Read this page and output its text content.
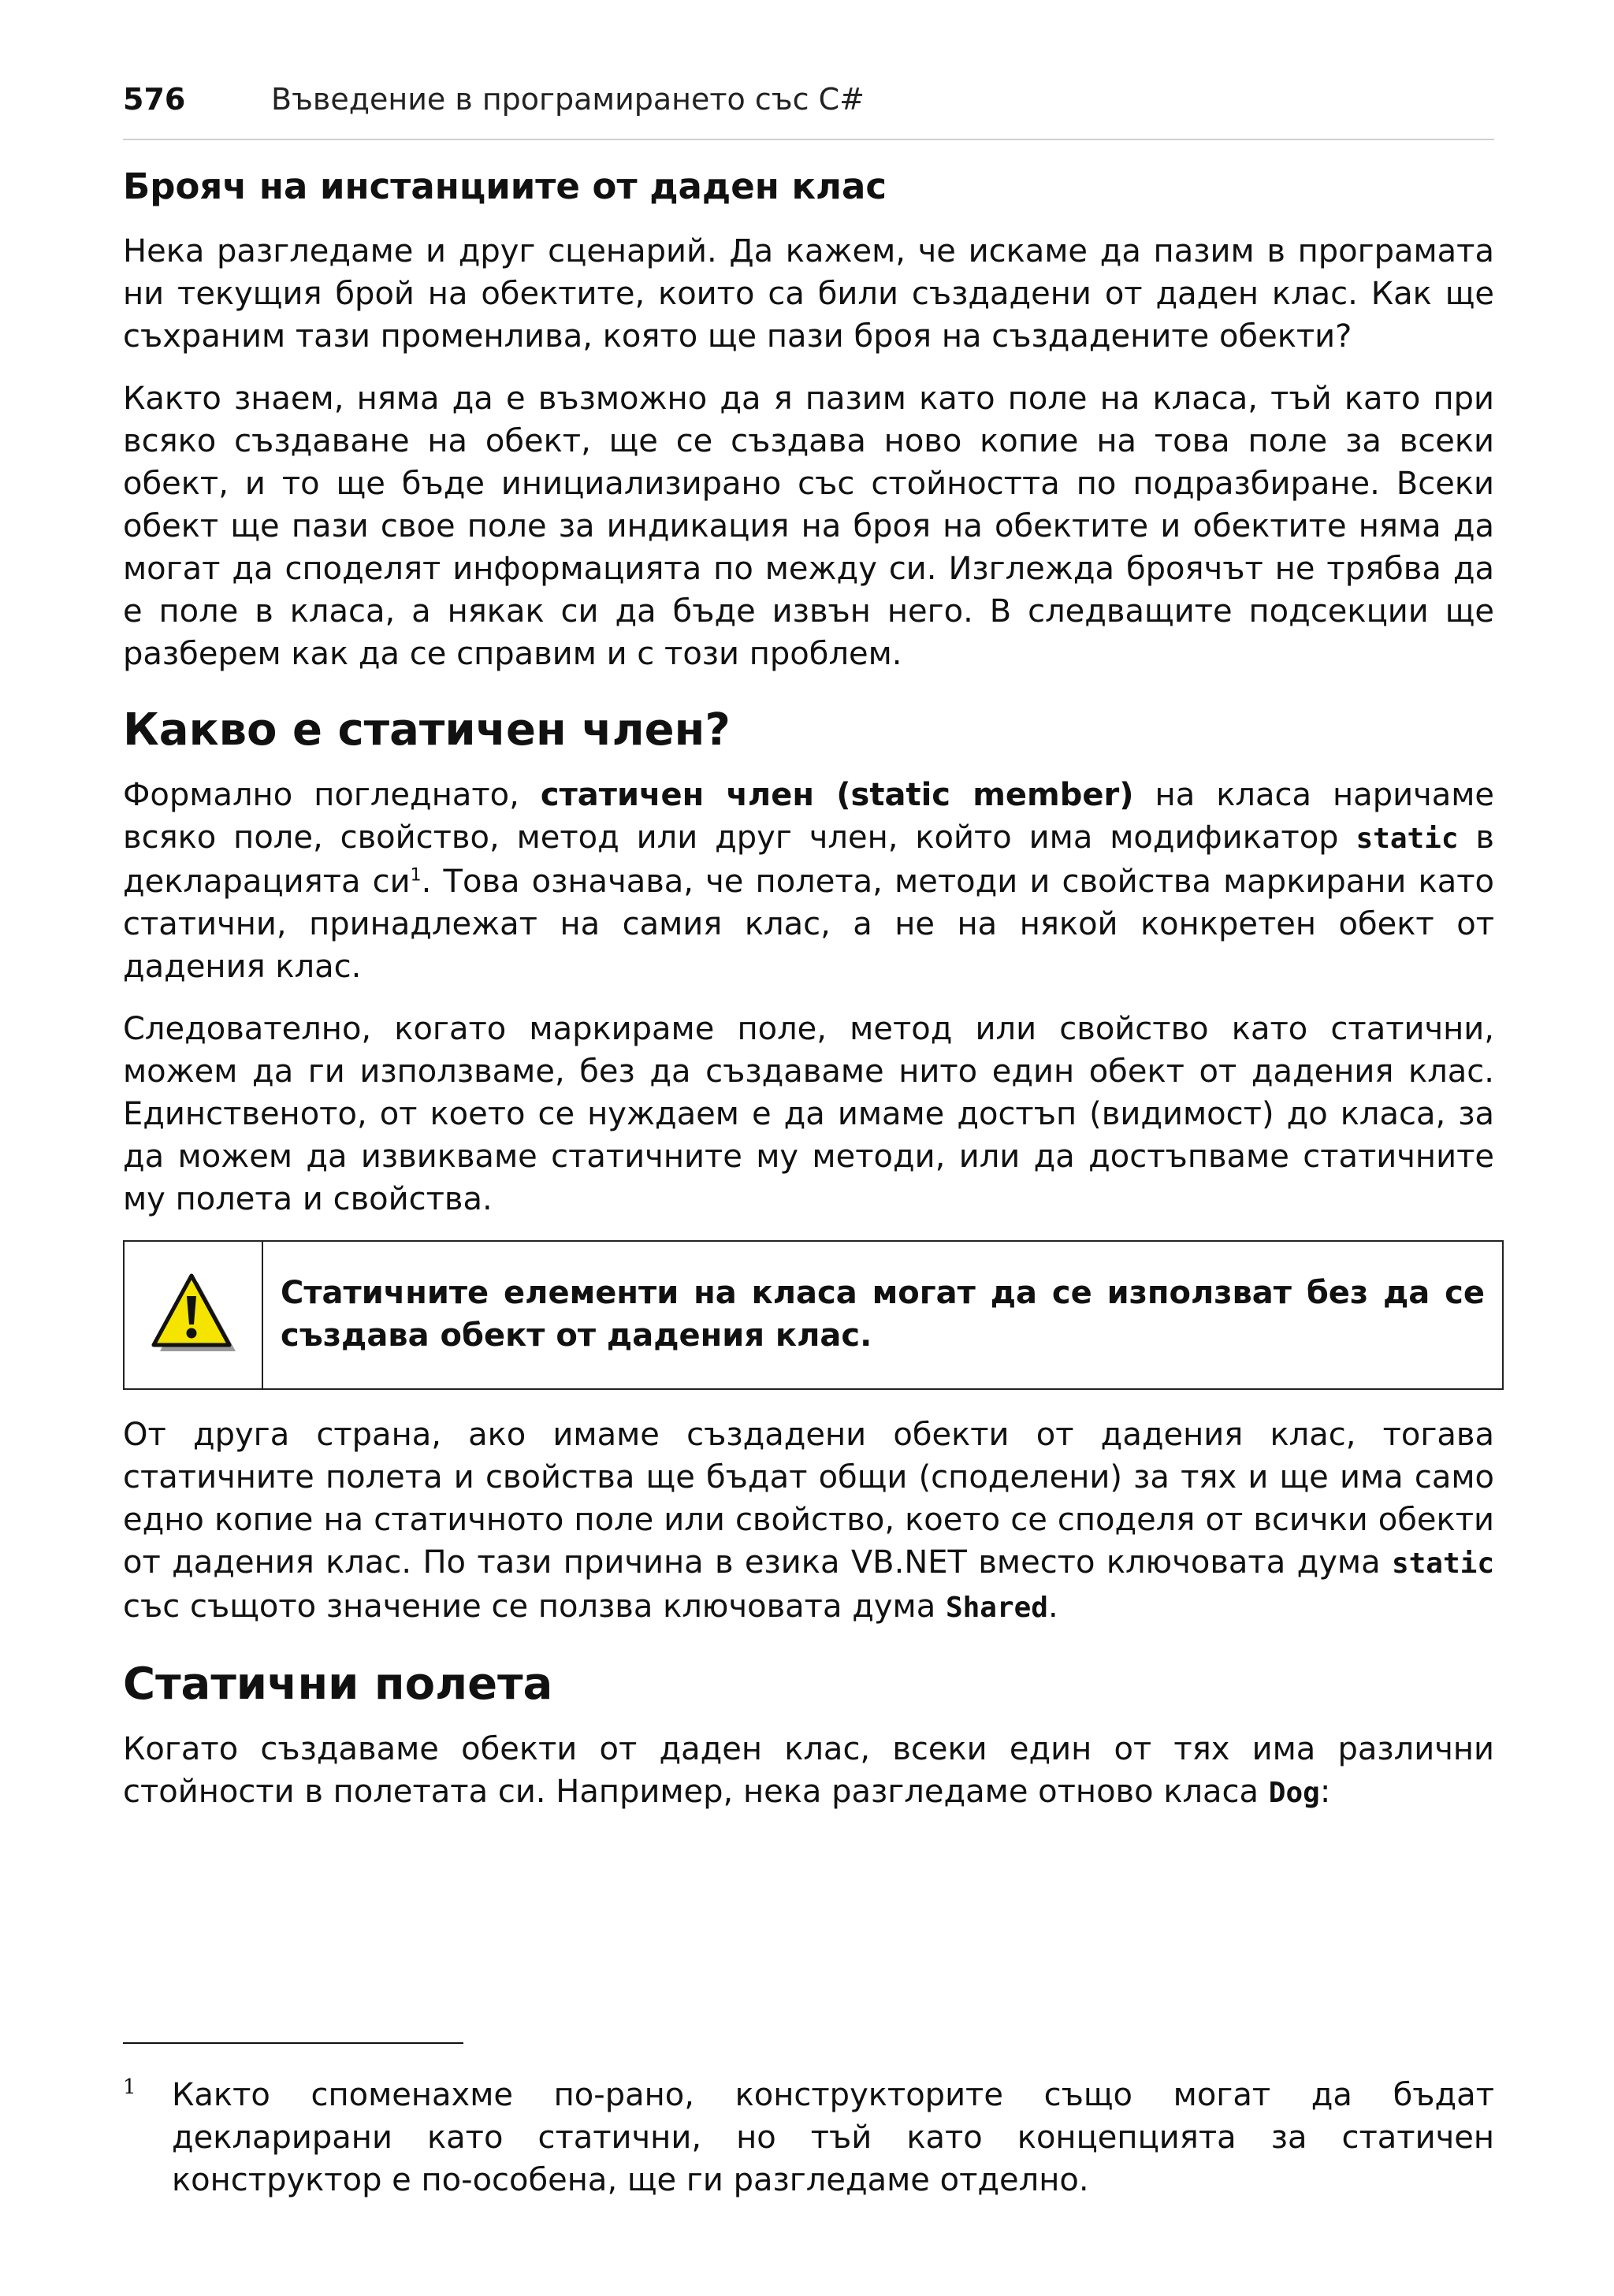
576	Въведение в програмирането със C#
Брояч на инстанциите от даден клас

Нека разгледаме и друг сценарий. Да кажем, че искаме да пазим в програмата ни текущия брой на обектите, които са били създадени от даден клас. Как ще съхраним тази променлива, която ще пази броя на създадените обекти?

Както знаем, няма да е възможно да я пазим като поле на класа, тъй като при всяко създаване на обект, ще се създава ново копие на това поле за всеки обект, и то ще бъде инициализирано със стойността по подразбиране. Всеки обект ще пази свое поле за индикация на броя на обектите и обектите няма да могат да споделят информацията по между си. Изглежда броячът не трябва да е поле в класа, а някак си да бъде извън него. В следващите подсекции ще разберем как да се справим и с този проблем.

Какво е статичен член?

Формално погледнато, статичен член (static member) на класа наричаме всяко поле, свойство, метод или друг член, който има модификатор static в декларацията $си^1$. Това означава, че полета, методи и свойства маркирани като статични, принадлежат на самия клас, а не на някой конкретен обект от дадения клас.

Следователно, когато маркираме поле, метод или свойство като статични, можем да ги използваме, без да създаваме нито един обект от дадения клас. Единственото, от което се нуждаем е да имаме достъп (видимост) до класа, за да можем да извикваме статичните му методи, или да достъпваме статичните му полета и свойства.

Статичните елементи на класа могат да се използват без да се създава обект от дадения клас.

От друга страна, ако имаме създадени обекти от дадения клас, тогава статичните полета и свойства ще бъдат общи (споделени) за тях и ще има само едно копие на статичното поле или свойство, което се споделя от всички обекти от дадения клас. По тази причина в езика VB.NET вместо ключовата дума static със същото значение се ползва ключовата дума Shared.

Статични полета

Когато създаваме обекти от даден клас, всеки един от тях има различни стойности в полетата си. Например, нека разгледаме отново класа Dog:

1 Както споменахме по-рано, конструкторите също могат да бъдат декларирани като статични, но тъй като концепцията за статичен конструктор е по-особена, ще ги разгледаме отделно.
